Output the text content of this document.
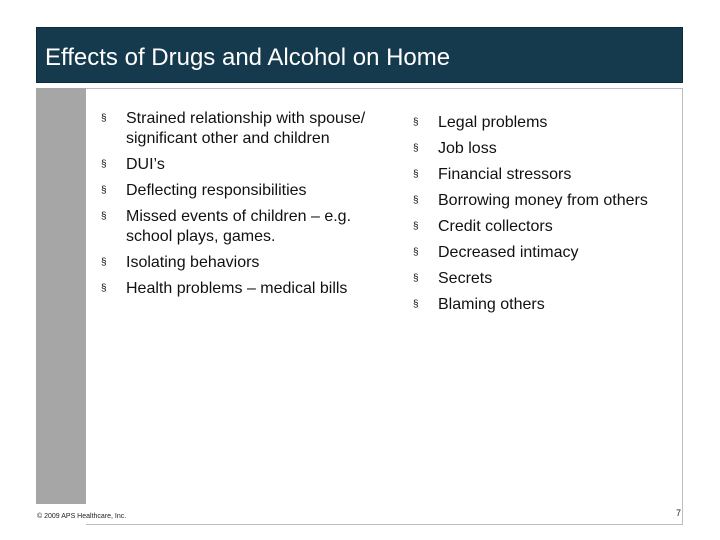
Effects of Drugs and Alcohol on Home
§ Strained relationship with spouse/ significant other and children
§ DUI’s
§ Deflecting responsibilities
§ Missed events of children – e.g. school plays, games.
§ Isolating behaviors
§ Health problems – medical bills
§ Legal problems
§ Job loss
§ Financial stressors
§ Borrowing money from others
§ Credit collectors
§ Decreased intimacy
§ Secrets
§ Blaming others
© 2009 APS Healthcare, Inc.	7
